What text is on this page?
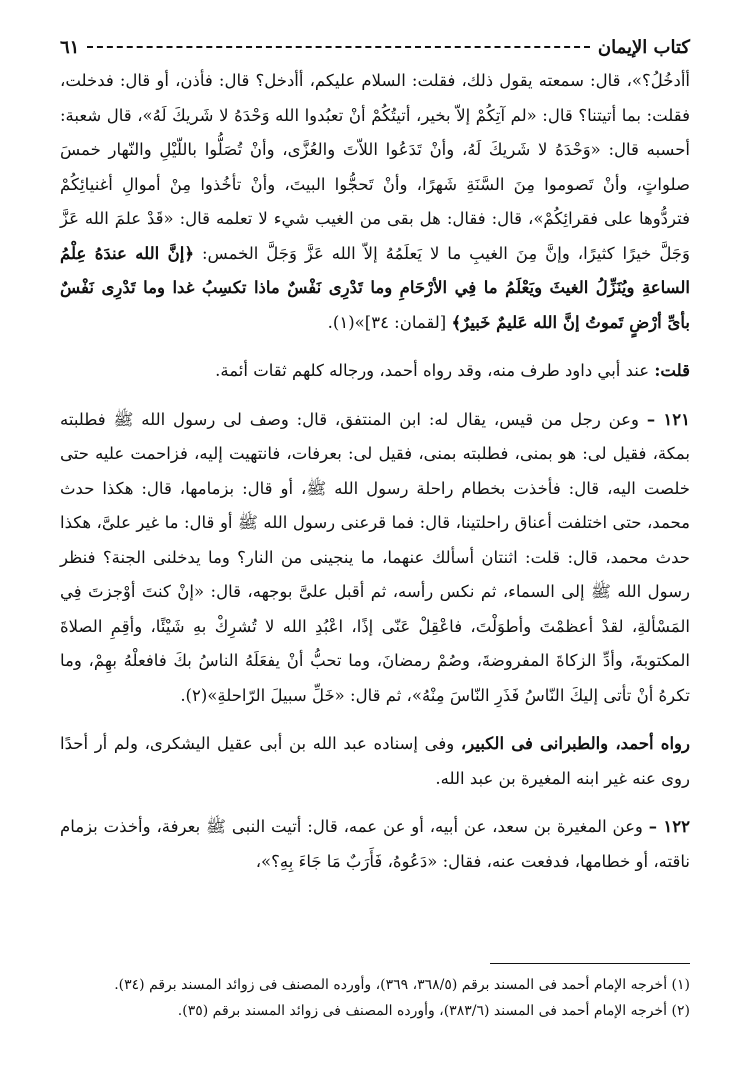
كتاب الإيمان
٦١

أأدخُلُ؟»، قال: سمعته يقول ذلك، فقلت: السلام عليكم، أأدخل؟ قال: فأذن، أو قال: فدخلت، فقلت: بما أتيتنا؟ قال: «لم آتِكُمْ إلاّ بخير، أتيتُكُمْ أنْ تعبُدوا الله وَحْدَهُ لا شَريكَ لَهُ»، قال شعبة: أحسبه قال: «وَحْدَهُ لا شَريكَ لَهُ، وأنْ تَدَعُوا اللاّتَ والعُزَّى، وأنْ تُصَلُّوا باللّيْلِ والنّهار خمسَ صلواتٍ، وأنْ تَصوموا مِنَ السَّنَةِ شَهرًا، وأنْ تَحجُّوا البيتَ، وأنْ تأخُذوا مِنْ أموالِ أغنيائِكُمْ فتردُّوها على فقرائِكُمْ»، قال: فقال: هل بقى من الغيب شيء لا تعلمه قال: «قَدْ علمَ الله عَزَّ وَجَلَّ خيرًا كثيرًا، وإنَّ مِنَ الغيبِ ما لا يَعلَمُهُ إلاّ الله عَزَّ وَجَلَّ الخمس: ﴿إنَّ الله عندَهُ عِلْمُ الساعةِ ويُنَزِّلُ الغيثَ ويَعْلَمُ ما فِي الأرْحَامِ وما تَدْرِى نَفْسٌ ماذا تكسِبُ غدا وما تَدْرِى نَفْسٌ بأىِّ أرْضٍ تَموتُ إنَّ الله عَليمٌ خَبيرٌ﴾ [لقمان: ٣٤]»(١).

قلت: عند أبي داود طرف منه، وقد رواه أحمد، ورجاله كلهم ثقات أئمة.

١٢١ – وعن رجل من قيس، يقال له: ابن المنتفق، قال: وصف لى رسول الله ﷺ فطلبته بمكة، فقيل لى: هو بمنى، فطلبته بمنى، فقيل لى: بعرفات، فانتهيت إليه، فزاحمت عليه حتى خلصت اليه، قال: فأخذت بخطام راحلة رسول الله ﷺ، أو قال: بزمامها، قال: هكذا حدث محمد، حتى اختلفت أعناق راحلتينا، قال: فما قرعنى رسول الله ﷺ أو قال: ما غير علىَّ، هكذا حدث محمد، قال: قلت: اثنتان أسألك عنهما، ما ينجينى من النار؟ وما يدخلنى الجنة؟ فنظر رسول الله ﷺ إلى السماء، ثم نكس رأسه، ثم أقبل علىَّ بوجهه، قال: «إنْ كنتَ أوْجزتَ فِي المَسْألةِ، لقدْ أعظمْتَ وأطوَلْتَ، فاعْقِلْ عَنّى إذًا، اعْبُدِ الله لا تُشرِكْ بهِ شَيْئًا، وأقِمِ الصلاةَ المكتوبةَ، وأدِّ الزكاةَ المفروضةَ، وصُمْ رمضانَ، وما تحبُّ أنْ يفعَلَهُ الناسُ بكَ فافعلْهُ بهِمْ، وما تكرهُ أنْ تأتى إليكَ النّاسُ فَذَرِ النّاسَ مِنْهُ»، ثم قال: «خَلِّ سبيلَ الرّاحلةِ»(٢).

رواه أحمد، والطبرانى فى الكبير، وفى إسناده عبد الله بن أبى عقيل اليشكرى، ولم أر أحدًا روى عنه غير ابنه المغيرة بن عبد الله.

١٢٢ – وعن المغيرة بن سعد، عن أبيه، أو عن عمه، قال: أتيت النبى ﷺ بعرفة، وأخذت بزمام ناقته، أو خطامها، فدفعت عنه، فقال: «دَعُوهُ، فَأَرَبٌ مَا جَاءَ بِهِ؟»،

(١) أخرجه الإمام أحمد فى المسند برقم (٣٦٨/٥، ٣٦٩)، وأورده المصنف فى زوائد المسند برقم (٣٤).

(٢) أخرجه الإمام أحمد فى المسند (٣٨٣/٦)، وأورده المصنف فى زوائد المسند برقم (٣٥).
